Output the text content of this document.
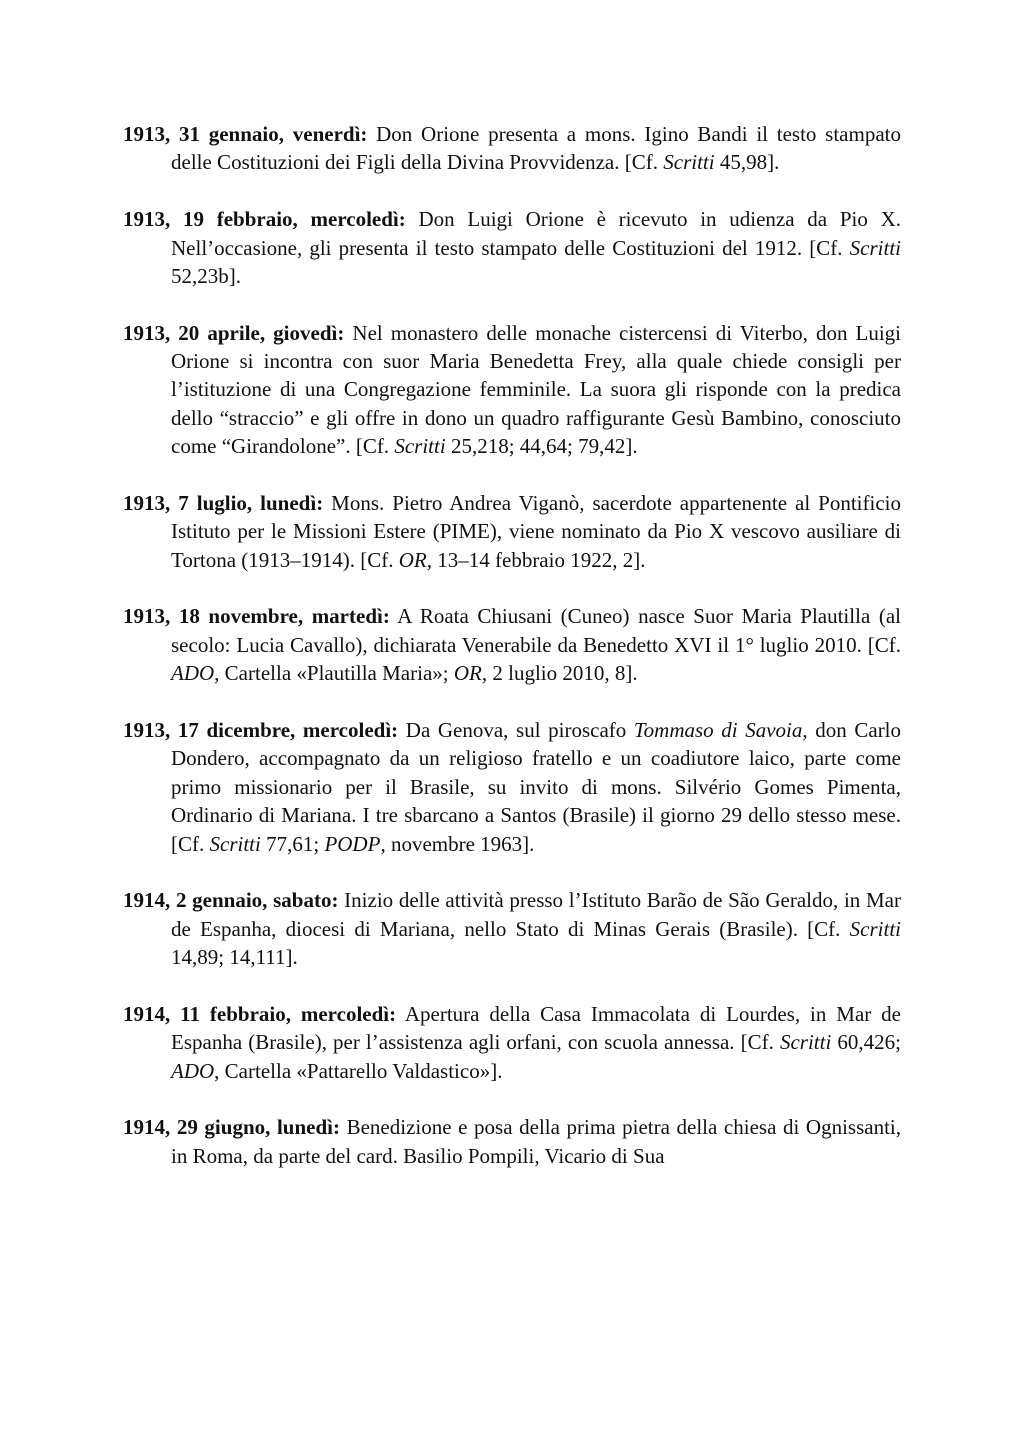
1913, 31 gennaio, venerdì: Don Orione presenta a mons. Igino Bandi il testo stampato delle Costituzioni dei Figli della Divina Provvidenza. [Cf. Scritti 45,98].

1913, 19 febbraio, mercoledì: Don Luigi Orione è ricevuto in udienza da Pio X. Nell’occasione, gli presenta il testo stampato delle Costituzioni del 1912. [Cf. Scritti 52,23b].

1913, 20 aprile, giovedì: Nel monastero delle monache cistercensi di Viterbo, don Luigi Orione si incontra con suor Maria Benedetta Frey, alla quale chiede consigli per l’istituzione di una Congregazione femminile. La suora gli risponde con la predica dello “straccio” e gli offre in dono un quadro raffigurante Gesù Bambino, conosciuto come “Girandolone”. [Cf. Scritti 25,218; 44,64; 79,42].

1913, 7 luglio, lunedì: Mons. Pietro Andrea Viganò, sacerdote appartenente al Pontificio Istituto per le Missioni Estere (PIME), viene nominato da Pio X vescovo ausiliare di Tortona (1913–1914). [Cf. OR, 13–14 febbraio 1922, 2].

1913, 18 novembre, martedì: A Roata Chiusani (Cuneo) nasce Suor Maria Plautilla (al secolo: Lucia Cavallo), dichiarata Venerabile da Benedetto XVI il 1° luglio 2010. [Cf. ADO, Cartella «Plautilla Maria»; OR, 2 luglio 2010, 8].

1913, 17 dicembre, mercoledì: Da Genova, sul piroscafo Tommaso di Savoia, don Carlo Dondero, accompagnato da un religioso fratello e un coadiutore laico, parte come primo missionario per il Brasile, su invito di mons. Silvério Gomes Pimenta, Ordinario di Mariana. I tre sbarcano a Santos (Brasile) il giorno 29 dello stesso mese. [Cf. Scritti 77,61; PODP, novembre 1963].

1914, 2 gennaio, sabato: Inizio delle attività presso l’Istituto Barão de São Geraldo, in Mar de Espanha, diocesi di Mariana, nello Stato di Minas Gerais (Brasile). [Cf. Scritti 14,89; 14,111].

1914, 11 febbraio, mercoledì: Apertura della Casa Immacolata di Lourdes, in Mar de Espanha (Brasile), per l’assistenza agli orfani, con scuola annessa. [Cf. Scritti 60,426; ADO, Cartella «Pattarello Valdastico»].

1914, 29 giugno, lunedì: Benedizione e posa della prima pietra della chiesa di Ognissanti, in Roma, da parte del card. Basilio Pompili, Vicario di Sua
